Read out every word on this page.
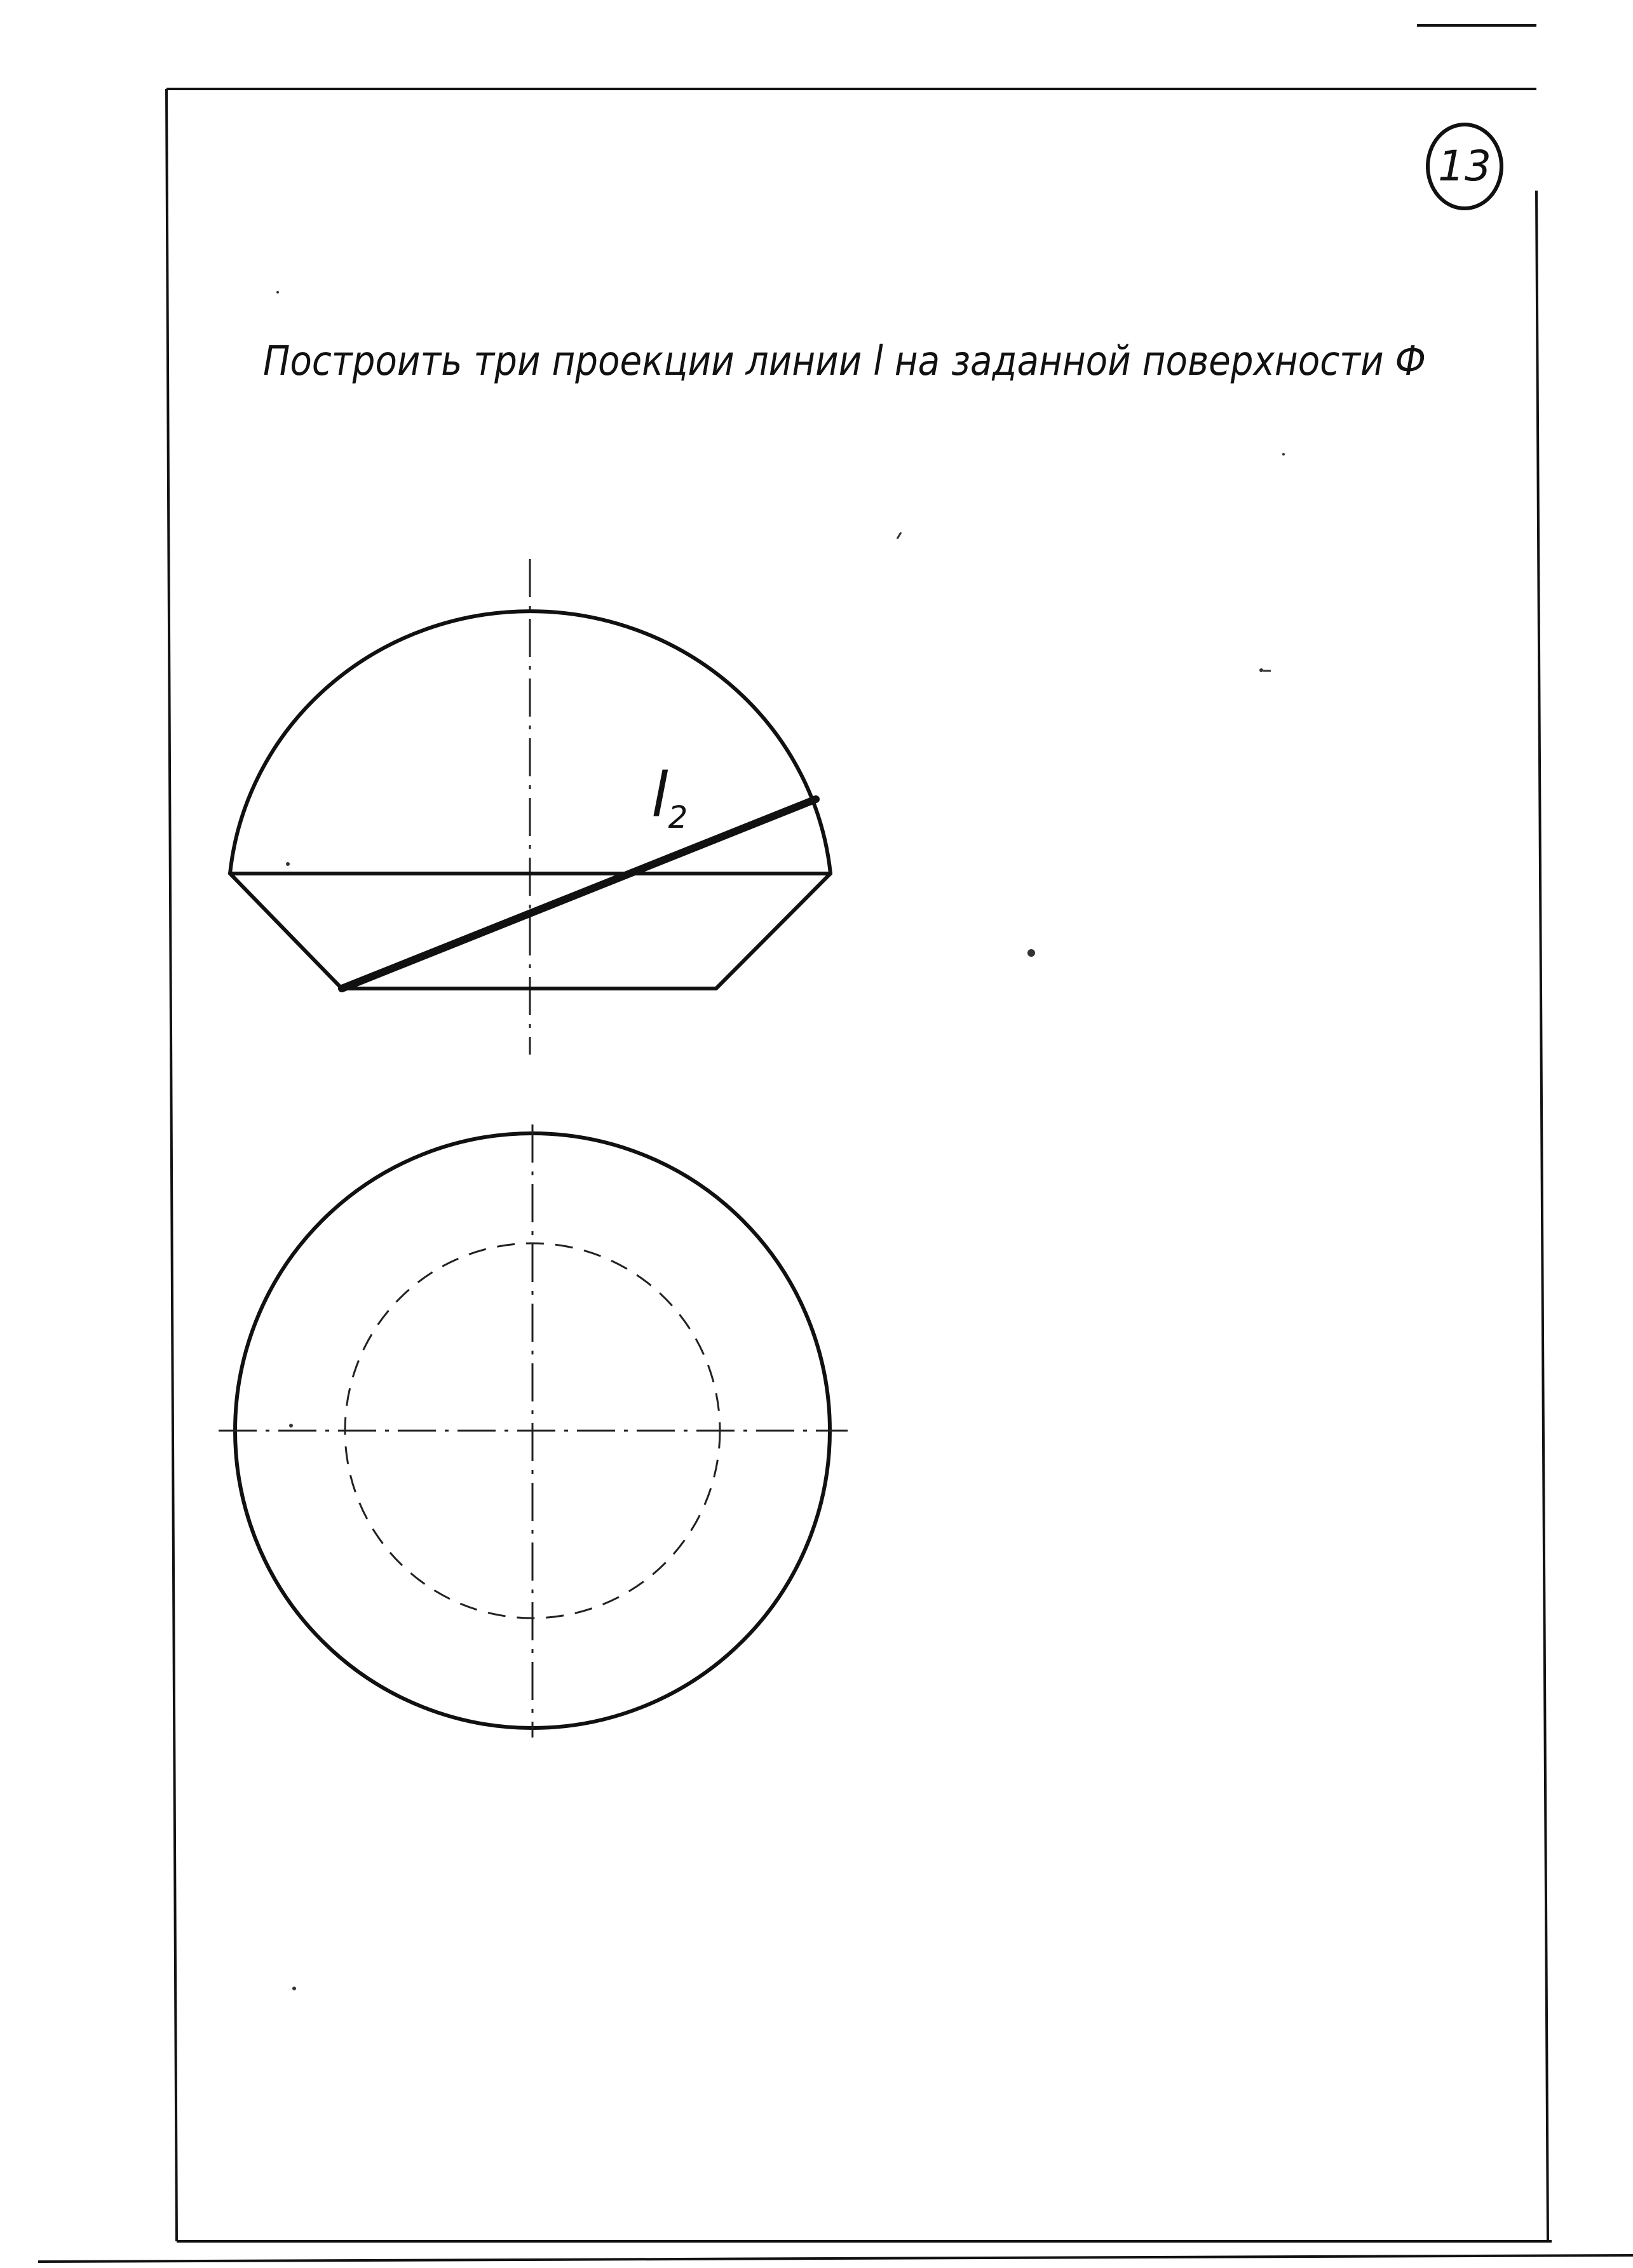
13
Построить три проекции линии l на заданной поверхности Ф
l2
